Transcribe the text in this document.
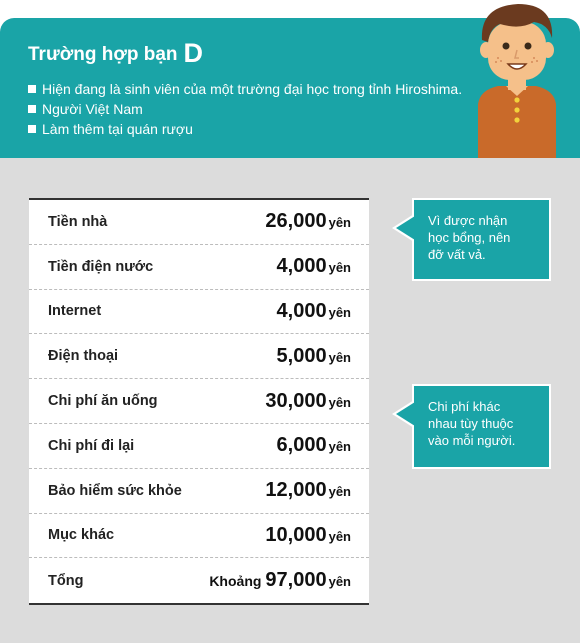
Trường hợp bạn D
Hiện đang là sinh viên của một trường đại học trong tỉnh Hiroshima.
Người Việt Nam
Làm thêm tại quán rượu
Tiền nhà	26,000 yên
Tiền điện nước	4,000 yên
Internet	4,000 yên
Điện thoại	5,000 yên
Chi phí ăn uống	30,000 yên
Chi phí đi lại	6,000 yên
Bảo hiểm sức khỏe	12,000 yên
Mục khác	10,000 yên
Tổng	Khoảng 97,000 yên
Vì được nhận
học bổng, nên
đỡ vất vả.
Chi phí khác
nhau tùy thuộc
vào mỗi người.
